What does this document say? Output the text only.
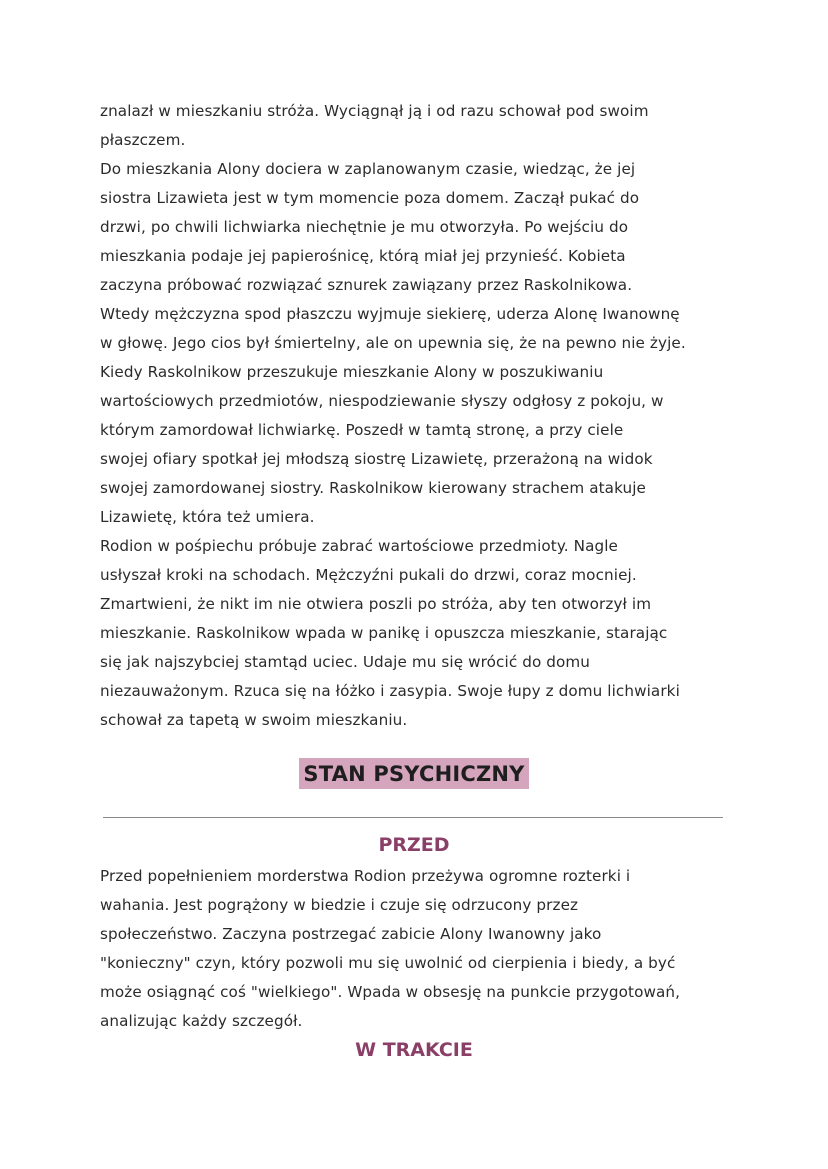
znalazł w mieszkaniu stróża. Wyciągnął ją i od razu schował pod swoim
płaszczem.
Do mieszkania Alony dociera w zaplanowanym czasie, wiedząc, że jej
siostra Lizawieta jest w tym momencie poza domem. Zaczął pukać do
drzwi, po chwili lichwiarka niechętnie je mu otworzyła. Po wejściu do
mieszkania podaje jej papierośnicę, którą miał jej przynieść. Kobieta
zaczyna próbować rozwiązać sznurek zawiązany przez Raskolnikowa.
Wtedy mężczyzna spod płaszczu wyjmuje siekierę, uderza Alonę Iwanownę
w głowę. Jego cios był śmiertelny, ale on upewnia się, że na pewno nie żyje.
Kiedy Raskolnikow przeszukuje mieszkanie Alony w poszukiwaniu
wartościowych przedmiotów, niespodziewanie słyszy odgłosy z pokoju, w
którym zamordował lichwiarkę. Poszedł w tamtą stronę, a przy ciele
swojej ofiary spotkał jej młodszą siostrę Lizawietę, przerażoną na widok
swojej zamordowanej siostry. Raskolnikow kierowany strachem atakuje
Lizawietę, która też umiera.
Rodion w pośpiechu próbuje zabrać wartościowe przedmioty. Nagle
usłyszał kroki na schodach. Mężczyźni pukali do drzwi, coraz mocniej.
Zmartwieni, że nikt im nie otwiera poszli po stróża, aby ten otworzył im
mieszkanie. Raskolnikow wpada w panikę i opuszcza mieszkanie, starając
się jak najszybciej stamtąd uciec. Udaje mu się wrócić do domu
niezauważonym. Rzuca się na łóżko i zasypia. Swoje łupy z domu lichwiarki
schował za tapetą w swoim mieszkaniu.
STAN PSYCHICZNY
PRZED
Przed popełnieniem morderstwa Rodion przeżywa ogromne rozterki i
wahania. Jest pogrążony w biedzie i czuje się odrzucony przez
społeczeństwo. Zaczyna postrzegać zabicie Alony Iwanowny jako
"konieczny" czyn, który pozwoli mu się uwolnić od cierpienia i biedy, a być
może osiągnąć coś "wielkiego". Wpada w obsesję na punkcie przygotowań,
analizując każdy szczegół.
W TRAKCIE
